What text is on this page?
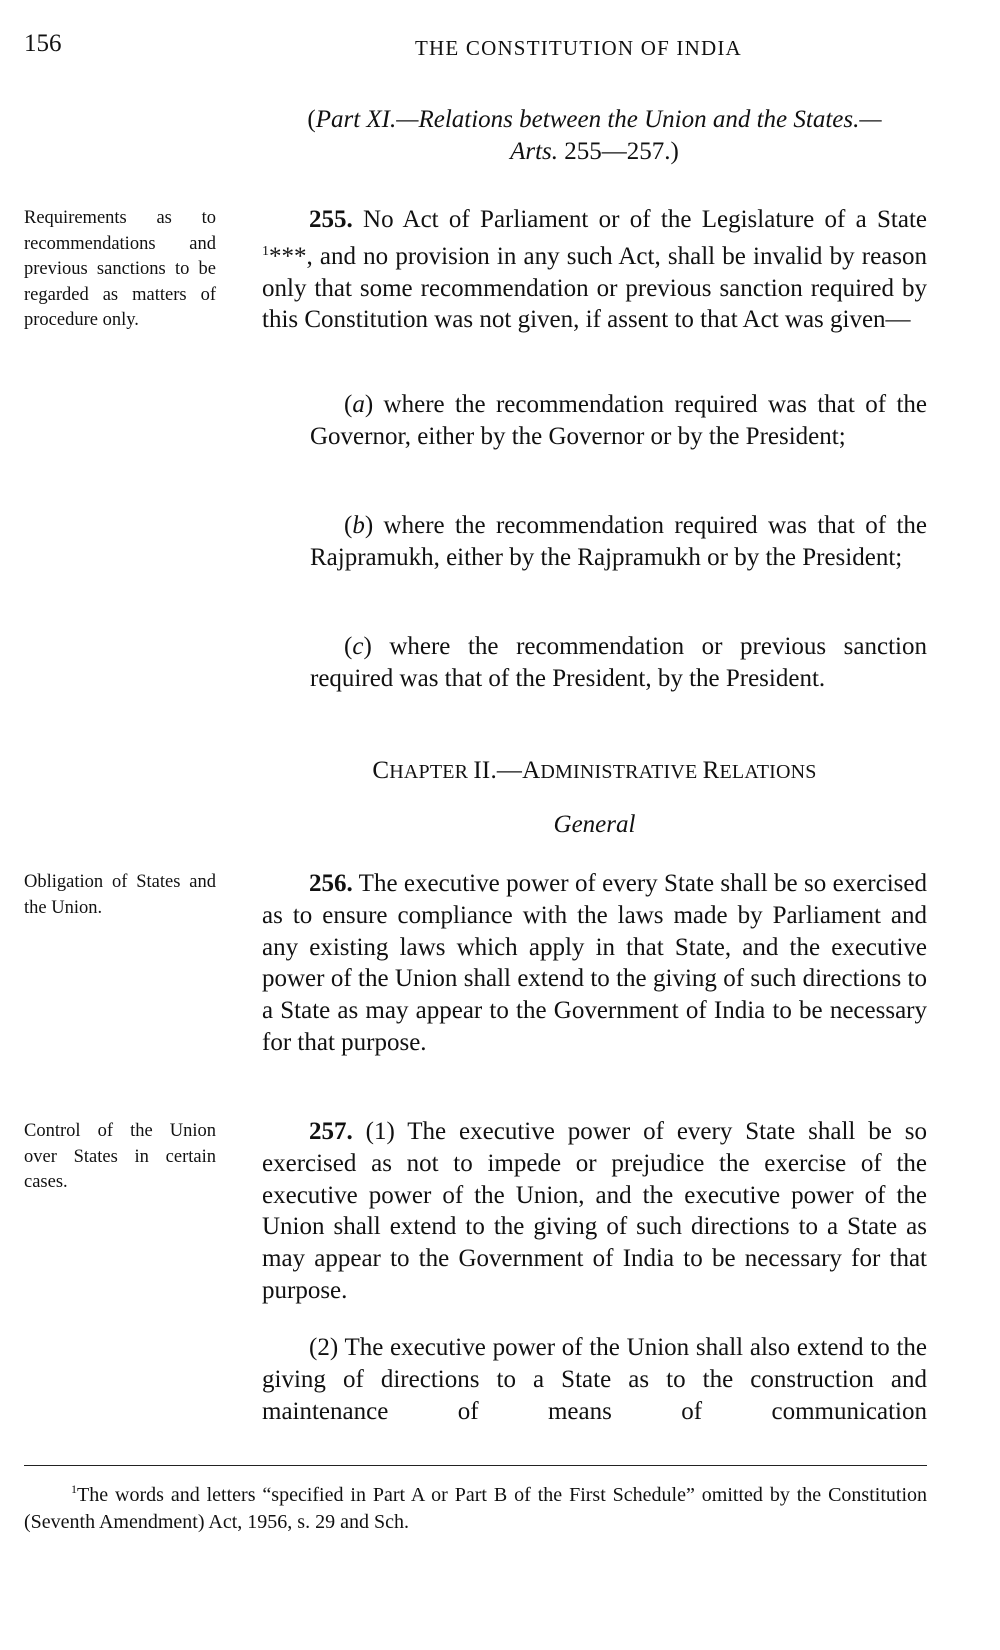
156	THE CONSTITUTION OF INDIA
(Part XI.—Relations between the Union and the States.—
Arts. 255—257.)
Requirements as to recommendations and previous sanctions to be regarded as matters of procedure only.
255. No Act of Parliament or of the Legislature of a State $^1$***, and no provision in any such Act, shall be invalid by reason only that some recommendation or previous sanction required by this Constitution was not given, if assent to that Act was given—
(a) where the recommendation required was that of the Governor, either by the Governor or by the President;
(b) where the recommendation required was that of the Rajpramukh, either by the Rajpramukh or by the President;
(c) where the recommendation or previous sanction required was that of the President, by the President.
CHAPTER II.—ADMINISTRATIVE RELATIONS
General
Obligation of States and the Union.
256. The executive power of every State shall be so exercised as to ensure compliance with the laws made by Parliament and any existing laws which apply in that State, and the executive power of the Union shall extend to the giving of such directions to a State as may appear to the Government of India to be necessary for that purpose.
Control of the Union over States in certain cases.
257. (1) The executive power of every State shall be so exercised as not to impede or prejudice the exercise of the executive power of the Union, and the executive power of the Union shall extend to the giving of such directions to a State as may appear to the Government of India to be necessary for that purpose.
(2) The executive power of the Union shall also extend to the giving of directions to a State as to the construction and maintenance of means of communication
$^1$The words and letters “specified in Part A or Part B of the First Schedule” omitted by the Constitution (Seventh Amendment) Act, 1956, s. 29 and Sch.
